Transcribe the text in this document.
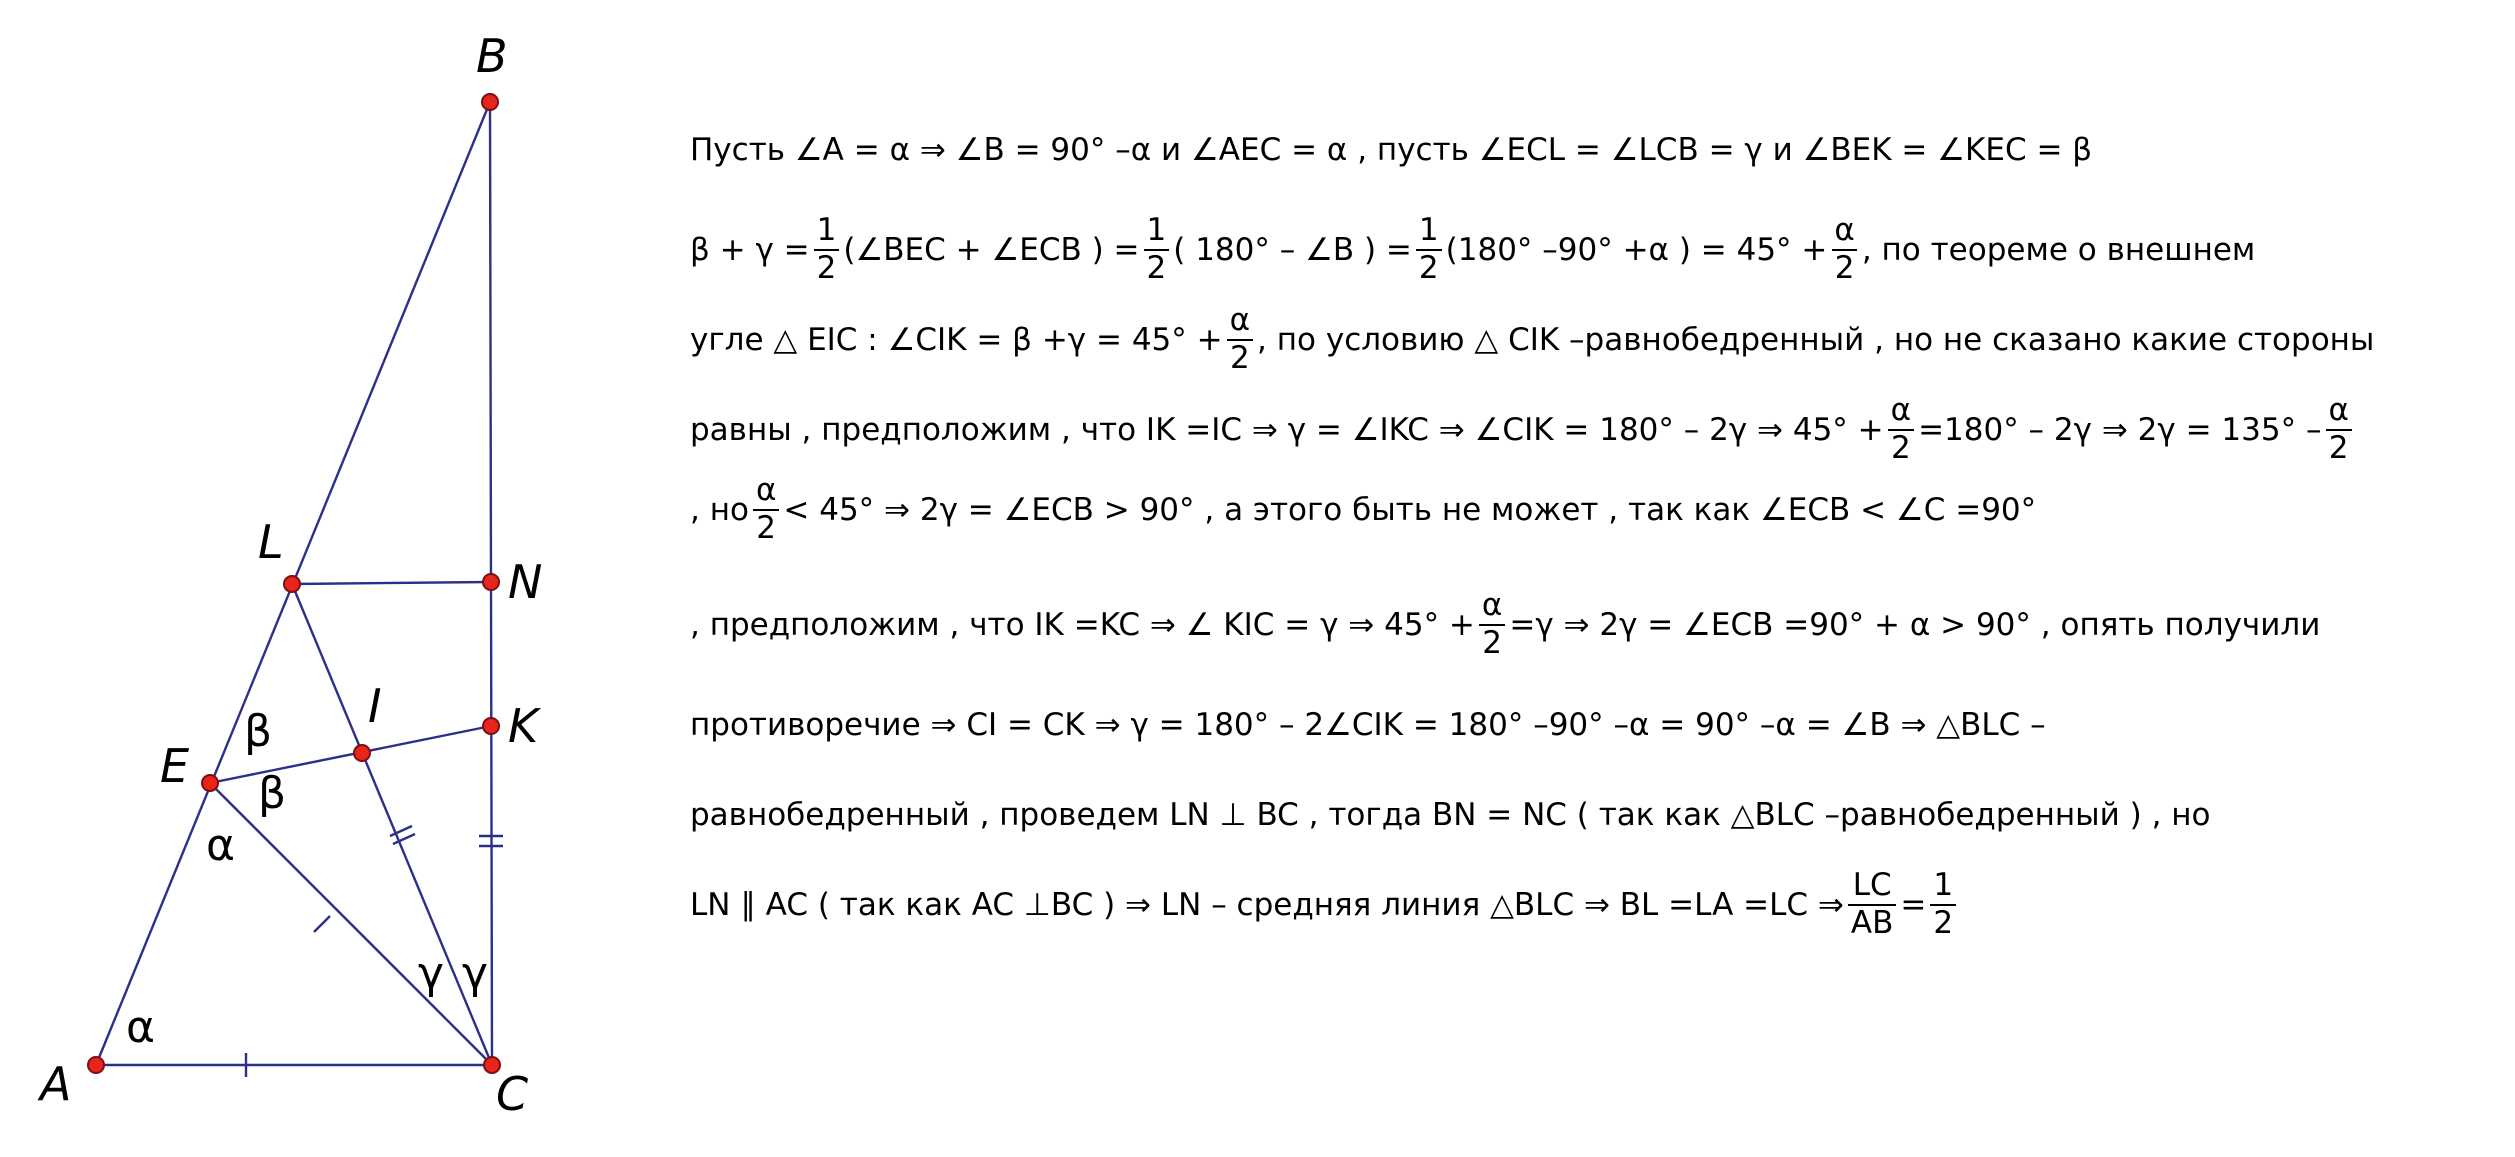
B
L
N
K
I
E
A	C
α
α
β
β
γ γ
Пусть ∠A = α ⇒ ∠B = 90° –α и ∠AEC = α , пусть ∠ECL = ∠LCB = γ и ∠BEK = ∠KEC = β
$\beta + \gamma = \frac{1}{2}$ (∠BEC + ∠ECB ) = $\frac{1}{2}$ ( 180° – ∠B ) = $\frac{1}{2} (180^\circ$ –90° +α ) = $45^\circ + \frac{\alpha}{2}$ , по теореме о внешнем
угле △ EIC : ∠CIK = $\beta +\gamma = 45^\circ + \frac{\alpha}{2}$ , по условию △ CIK –равнобедренный , но не сказано какие стороны
равны , предположим , что IK =IC ⇒ γ = ∠IKC ⇒ ∠CIK = 180° – 2γ ⇒ $45^\circ + \frac{\alpha}{2} =180^\circ - 2\gamma$ ⇒ $2\gamma = 135^\circ - \frac{\alpha}{2}$
, но $\frac{\alpha}{2} < 45^\circ$ ⇒ 2γ = ∠ECB > 90° , а этого быть не может , так как ∠ECB < ∠C =90°
, предположим , что IK =KC ⇒ ∠ KIC = γ ⇒ $45^\circ + \frac{\alpha}{2} =\gamma$ ⇒ 2γ = ∠ECB =90° + α > 90° , опять получили
противоречие ⇒ CI = CK ⇒ γ = 180° – 2∠CIK = 180° –90° –α = 90° –α = ∠B ⇒ △BLC –
равнобедренный , проведем LN ⊥ BC , тогда BN = NC ( так как △BLC –равнобедренный ) , но
LN ∥ AC ( так как AC ⊥BC ) ⇒ LN – средняя линия △BLC ⇒ BL =LA =LC ⇒ $\frac{LC}{AB} = \frac{1}{2}$
